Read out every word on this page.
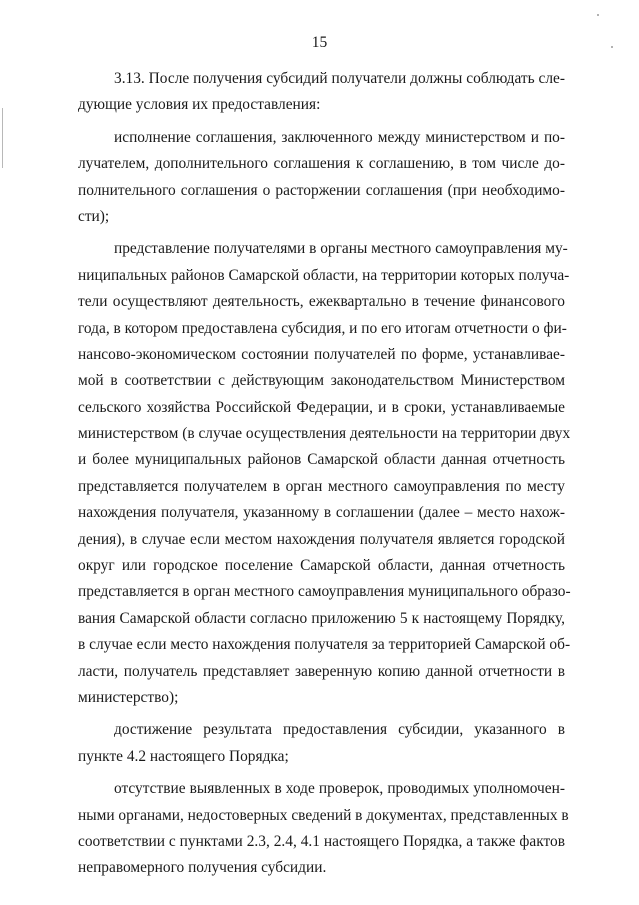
15
3.13. После получения субсидий получатели должны соблюдать сле-
дующие условия их предоставления:
исполнение соглашения, заключенного между министерством и по-
лучателем, дополнительного соглашения к соглашению, в том числе до-
полнительного соглашения о расторжении соглашения (при необходимо-
сти);
представление получателями в органы местного самоуправления му-
ниципальных районов Самарской области, на территории которых получа-
тели осуществляют деятельность, ежеквартально в течение финансового
года, в котором предоставлена субсидия, и по его итогам отчетности о фи-
нансово-экономическом состоянии получателей по форме, устанавливае-
мой в соответствии с действующим законодательством Министерством
сельского хозяйства Российской Федерации, и в сроки, устанавливаемые
министерством (в случае осуществления деятельности на территории двух
и более муниципальных районов Самарской области данная отчетность
представляется получателем в орган местного самоуправления по месту
нахождения получателя, указанному в соглашении (далее – место нахож-
дения), в случае если местом нахождения получателя является городской
округ или городское поселение Самарской области, данная отчетность
представляется в орган местного самоуправления муниципального образо-
вания Самарской области согласно приложению 5 к настоящему Порядку,
в случае если место нахождения получателя за территорией Самарской об-
ласти, получатель представляет заверенную копию данной отчетности в
министерство);
достижение результата предоставления субсидии, указанного в
пункте 4.2 настоящего Порядка;
отсутствие выявленных в ходе проверок, проводимых уполномочен-
ными органами, недостоверных сведений в документах, представленных в
соответствии с пунктами 2.3, 2.4, 4.1 настоящего Порядка, а также фактов
неправомерного получения субсидии.
